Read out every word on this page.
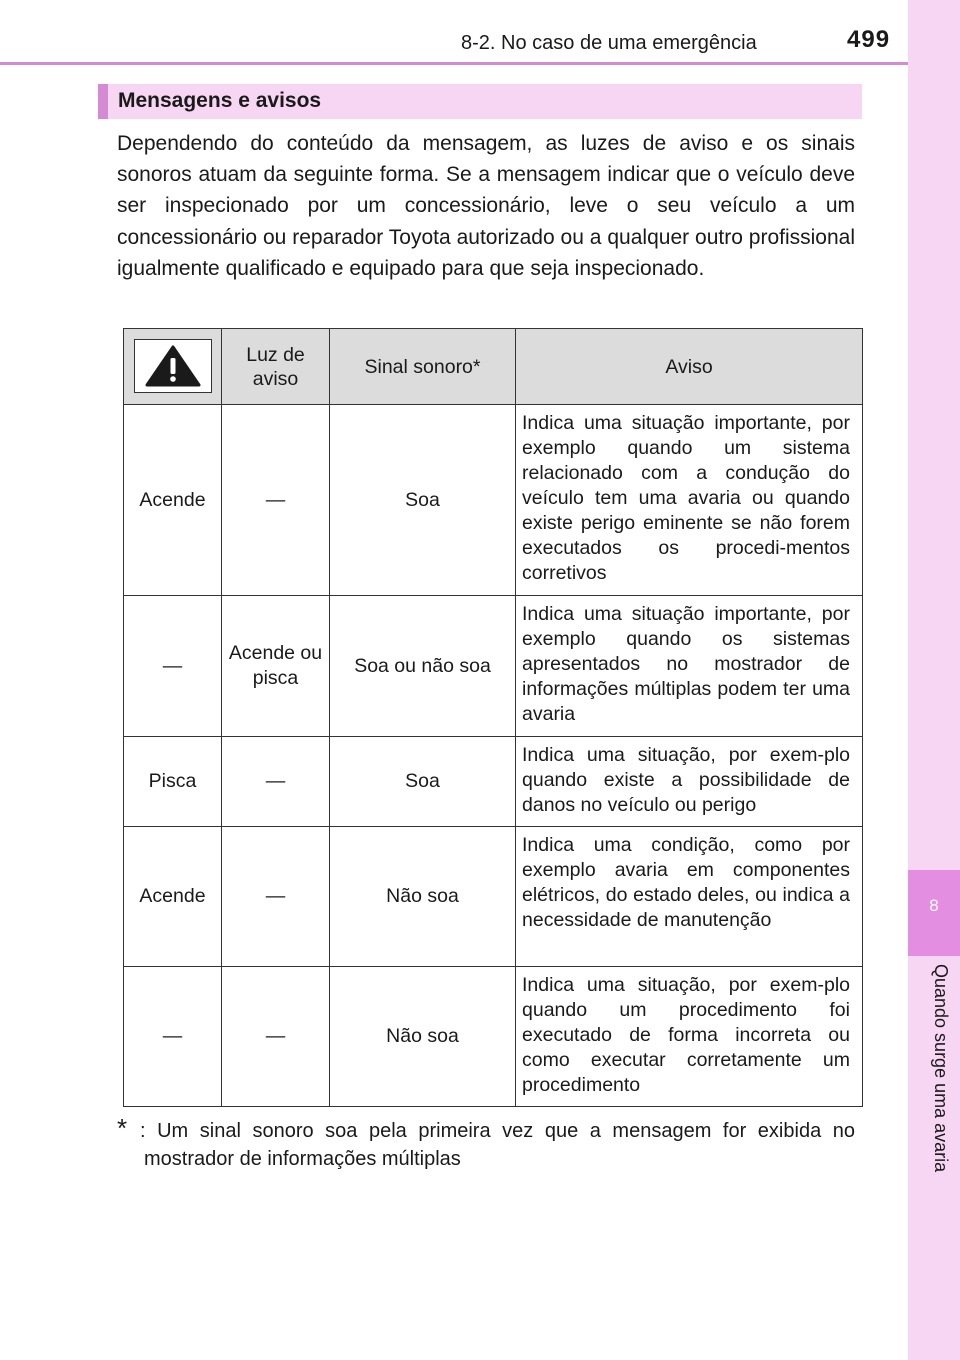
8-2. No caso de uma emergência	499
8
Quando surge uma avaria
Mensagens e avisos

Dependendo do conteúdo da mensagem, as luzes de aviso e os sinais sonoros atuam da seguinte forma. Se a mensagem indicar que o veículo deve ser inspecionado por um concessionário, leve o seu veículo a um concessionário ou reparador Toyota autorizado ou a qualquer outro profissional igualmente qualificado e equipado para que seja inspecionado.

	Luz de aviso	Sinal sonoro*	Aviso
Acende	—	Soa	Indica uma situação importante, por exemplo quando um sistema relacionado com a condução do veículo tem uma avaria ou quando existe perigo eminente se não forem executados os procedi-mentos corretivos
—	Acende ou pisca	Soa ou não soa	Indica uma situação importante, por exemplo quando os sistemas apresentados no mostrador de informações múltiplas podem ter uma avaria
Pisca	—	Soa	Indica uma situação, por exem-plo quando existe a possibilidade de danos no veículo ou perigo
Acende	—	Não soa	Indica uma condição, como por exemplo avaria em componentes elétricos, do estado deles, ou indica a necessidade de manutenção
—	—	Não soa	Indica uma situação, por exem-plo quando um procedimento foi executado de forma incorreta ou como executar corretamente um procedimento
* : Um sinal sonoro soa pela primeira vez que a mensagem for exibida no mostrador de informações múltiplas
